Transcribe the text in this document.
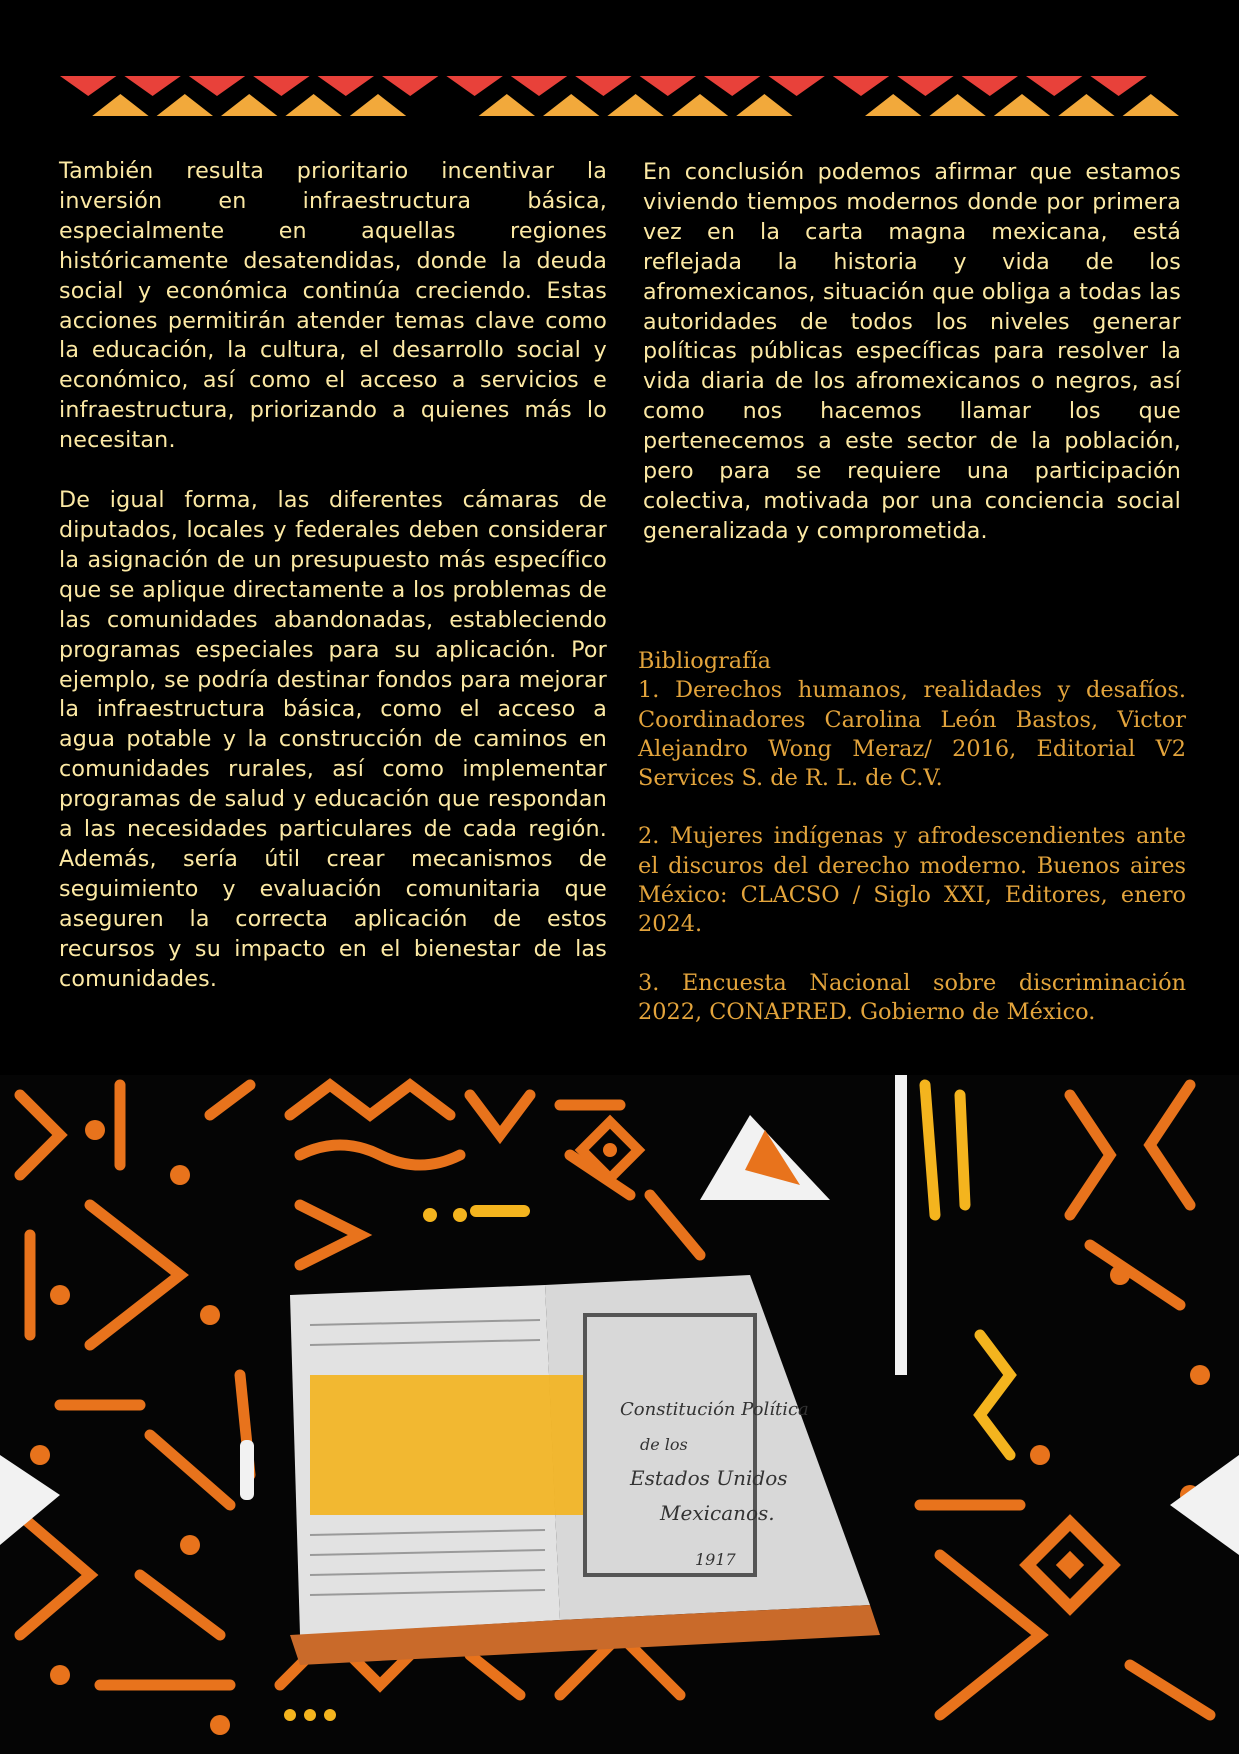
También resulta prioritario incentivar la inversión en infraestructura básica, especialmente en aquellas regiones históricamente desatendidas, donde la deuda social y económica continúa creciendo. Estas acciones permitirán atender temas clave como la educación, la cultura, el desarrollo social y económico, así como el acceso a servicios e infraestructura, priorizando a quienes más lo necesitan.

De igual forma, las diferentes cámaras de diputados, locales y federales deben considerar la asignación de un presupuesto más específico que se aplique directamente a los problemas de las comunidades abandonadas, estableciendo programas especiales para su aplicación. Por ejemplo, se podría destinar fondos para mejorar la infraestructura básica, como el acceso a agua potable y la construcción de caminos en comunidades rurales, así como implementar programas de salud y educación que respondan a las necesidades particulares de cada región. Además, sería útil crear mecanismos de seguimiento y evaluación comunitaria que aseguren la correcta aplicación de estos recursos y su impacto en el bienestar de las comunidades.

En conclusión podemos afirmar que estamos viviendo tiempos modernos donde por primera vez en la carta magna mexicana, está reflejada la historia y vida de los afromexicanos, situación que obliga a todas las autoridades de todos los niveles generar políticas públicas específicas para resolver la vida diaria de los afromexicanos o negros, así como nos hacemos llamar los que pertenecemos a este sector de la población, pero para se requiere una participación colectiva, motivada por una conciencia social generalizada y comprometida.

Bibliografía

1. Derechos humanos, realidades y desafíos. Coordinadores Carolina León Bastos, Victor Alejandro Wong Meraz/ 2016, Editorial V2 Services S. de R. L. de C.V.

2. Mujeres indígenas y afrodescendientes ante el discuros del derecho moderno. Buenos aires México: CLACSO / Siglo XXI, Editores, enero 2024.

3. Encuesta Nacional sobre discriminación 2022, CONAPRED. Gobierno de México.

Constitución Política
de los
Estados Unidos
Mexicanos.
1917
